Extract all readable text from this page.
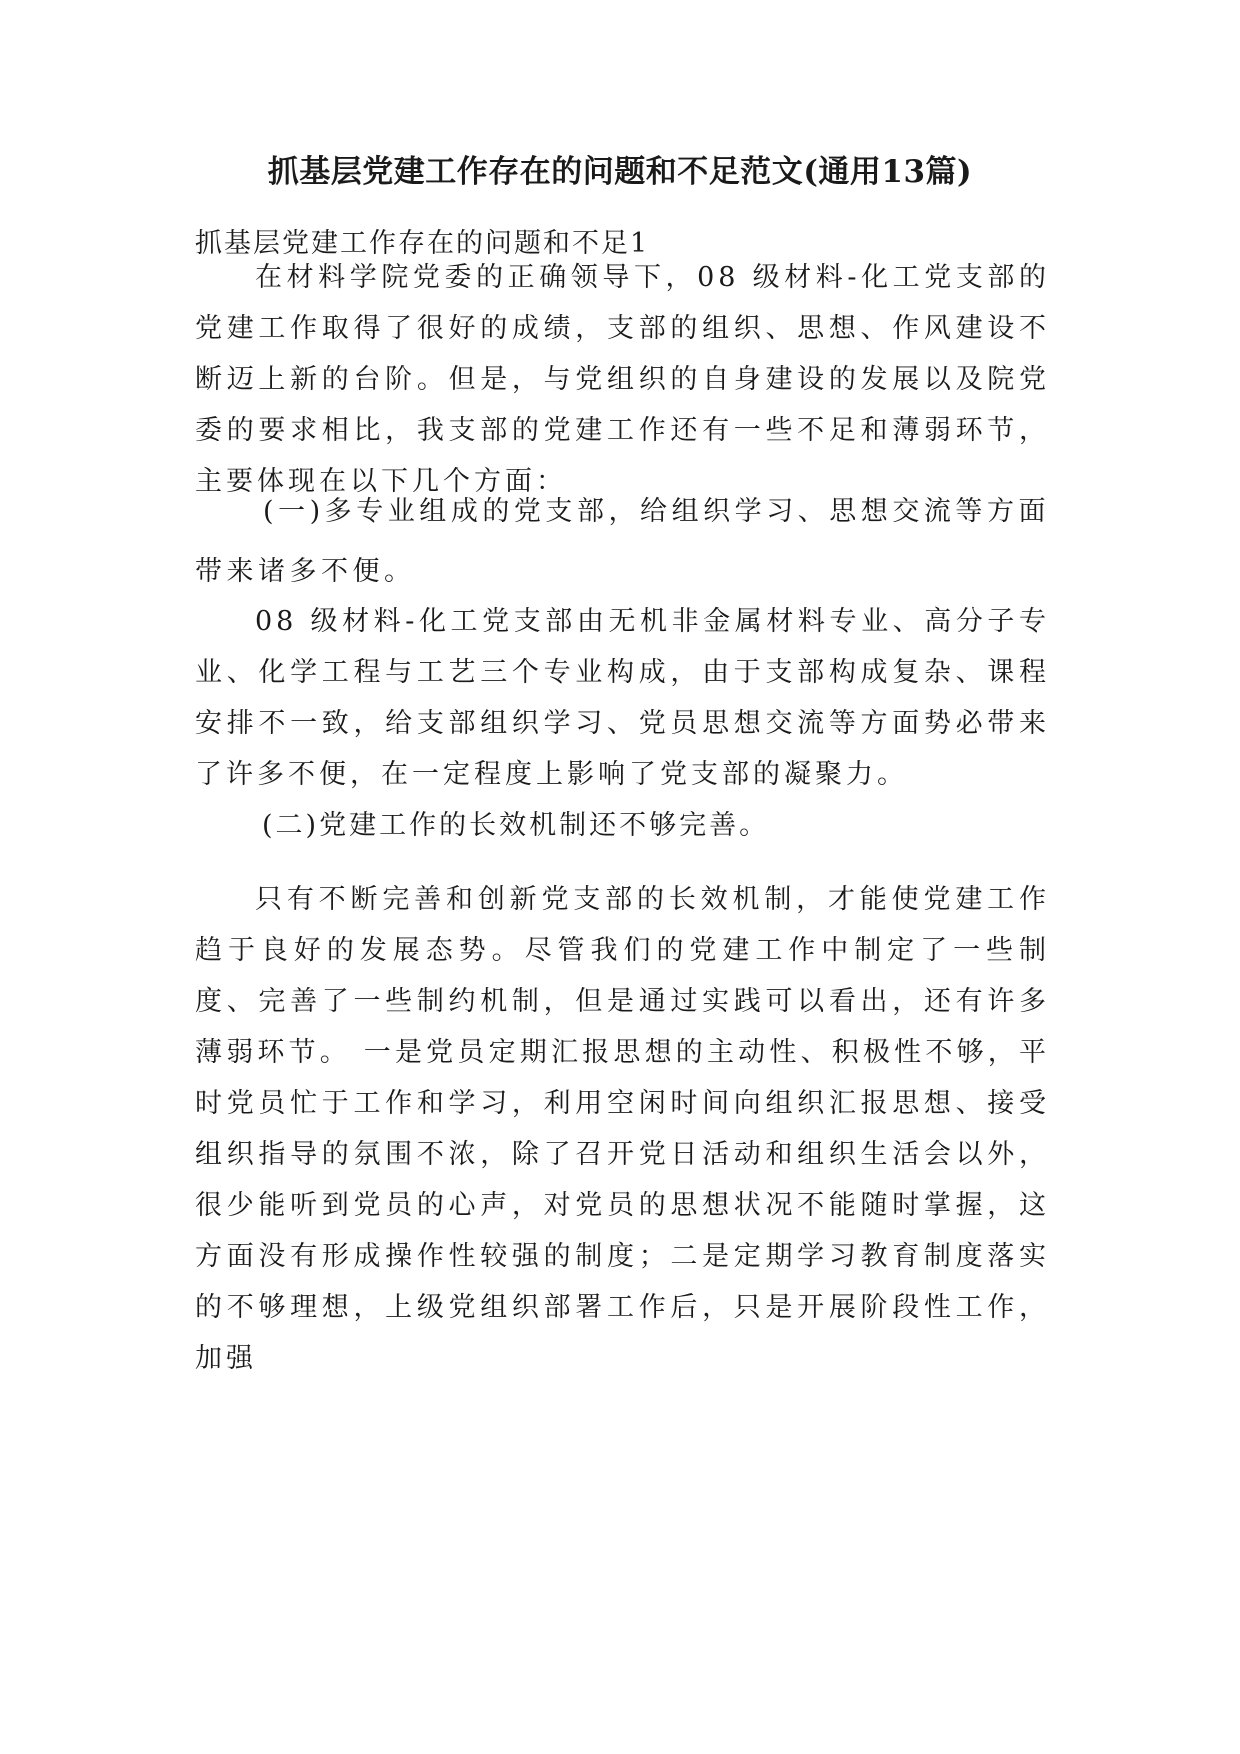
抓基层党建工作存在的问题和不足范文(通用13篇)
抓基层党建工作存在的问题和不足1
在材料学院党委的正确领导下，08 级材料-化工党支部的党建工作取得了很好的成绩，支部的组织、思想、作风建设不断迈上新的台阶。但是，与党组织的自身建设的发展以及院党委的要求相比，我支部的党建工作还有一些不足和薄弱环节，主要体现在以下几个方面：
(一)多专业组成的党支部，给组织学习、思想交流等方面带来诸多不便。
08 级材料-化工党支部由无机非金属材料专业、高分子专业、化学工程与工艺三个专业构成，由于支部构成复杂、课程安排不一致，给支部组织学习、党员思想交流等方面势必带来了许多不便，在一定程度上影响了党支部的凝聚力。
(二)党建工作的长效机制还不够完善。
只有不断完善和创新党支部的长效机制，才能使党建工作趋于良好的发展态势。尽管我们的党建工作中制定了一些制度、完善了一些制约机制，但是通过实践可以看出，还有许多薄弱环节。 一是党员定期汇报思想的主动性、积极性不够，平时党员忙于工作和学习，利用空闲时间向组织汇报思想、接受组织指导的氛围不浓，除了召开党日活动和组织生活会以外，很少能听到党员的心声，对党员的思想状况不能随时掌握，这方面没有形成操作性较强的制度；二是定期学习教育制度落实的不够理想，上级党组织部署工作后，只是开展阶段性工作，加强
